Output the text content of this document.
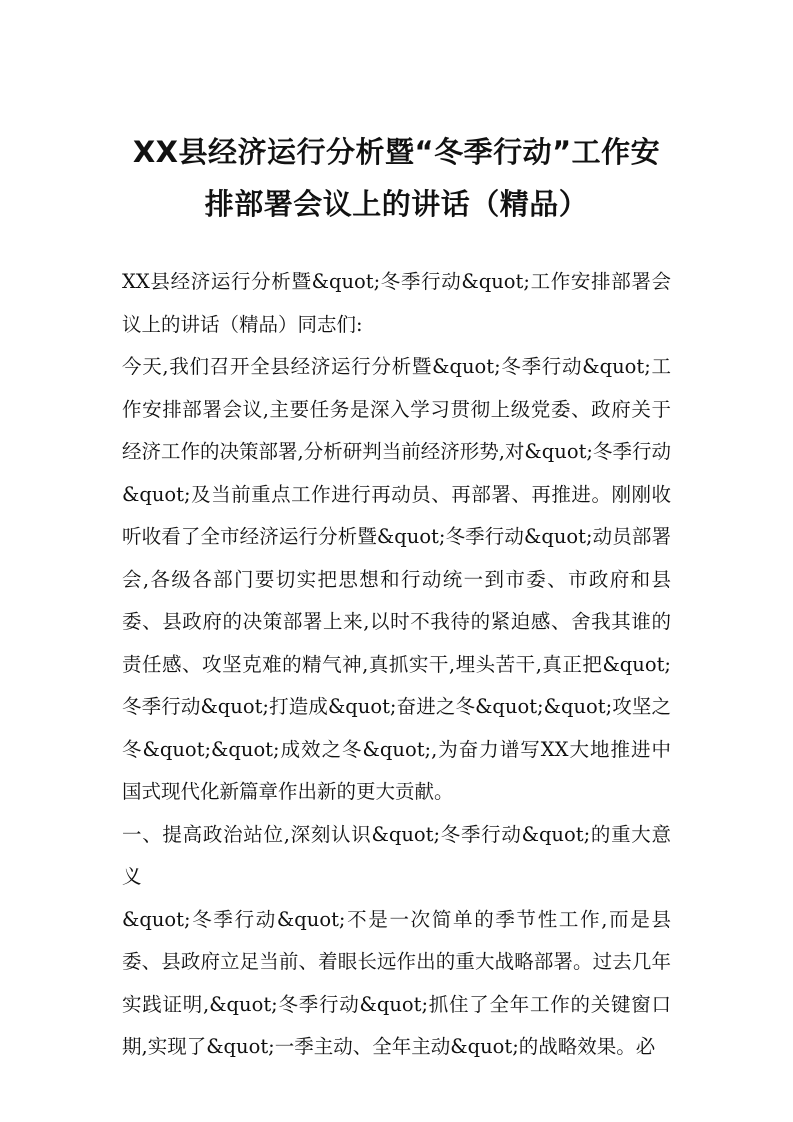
XX县经济运行分析暨“冬季行动”工作安
排部署会议上的讲话（精品）

XX县经济运行分析暨&quot;冬季行动&quot;工作安排部署会议上的讲话（精品）同志们:

今天,我们召开全县经济运行分析暨&quot;冬季行动&quot;工作安排部署会议,主要任务是深入学习贯彻上级党委、政府关于经济工作的决策部署,分析研判当前经济形势,对&quot;冬季行动&quot;及当前重点工作进行再动员、再部署、再推进。刚刚收听收看了全市经济运行分析暨&quot;冬季行动&quot;动员部署会,各级各部门要切实把思想和行动统一到市委、市政府和县委、县政府的决策部署上来,以时不我待的紧迫感、舍我其谁的责任感、攻坚克难的精气神,真抓实干,埋头苦干,真正把&quot;冬季行动&quot;打造成&quot;奋进之冬&quot;&quot;攻坚之冬&quot;&quot;成效之冬&quot;,为奋力谱写XX大地推进中国式现代化新篇章作出新的更大贡献。

一、提高政治站位,深刻认识&quot;冬季行动&quot;的重大意义

&quot;冬季行动&quot;不是一次简单的季节性工作,而是县委、县政府立足当前、着眼长远作出的重大战略部署。过去几年实践证明,&quot;冬季行动&quot;抓住了全年工作的关键窗口期,实现了&quot;一季主动、全年主动&quot;的战略效果。必
